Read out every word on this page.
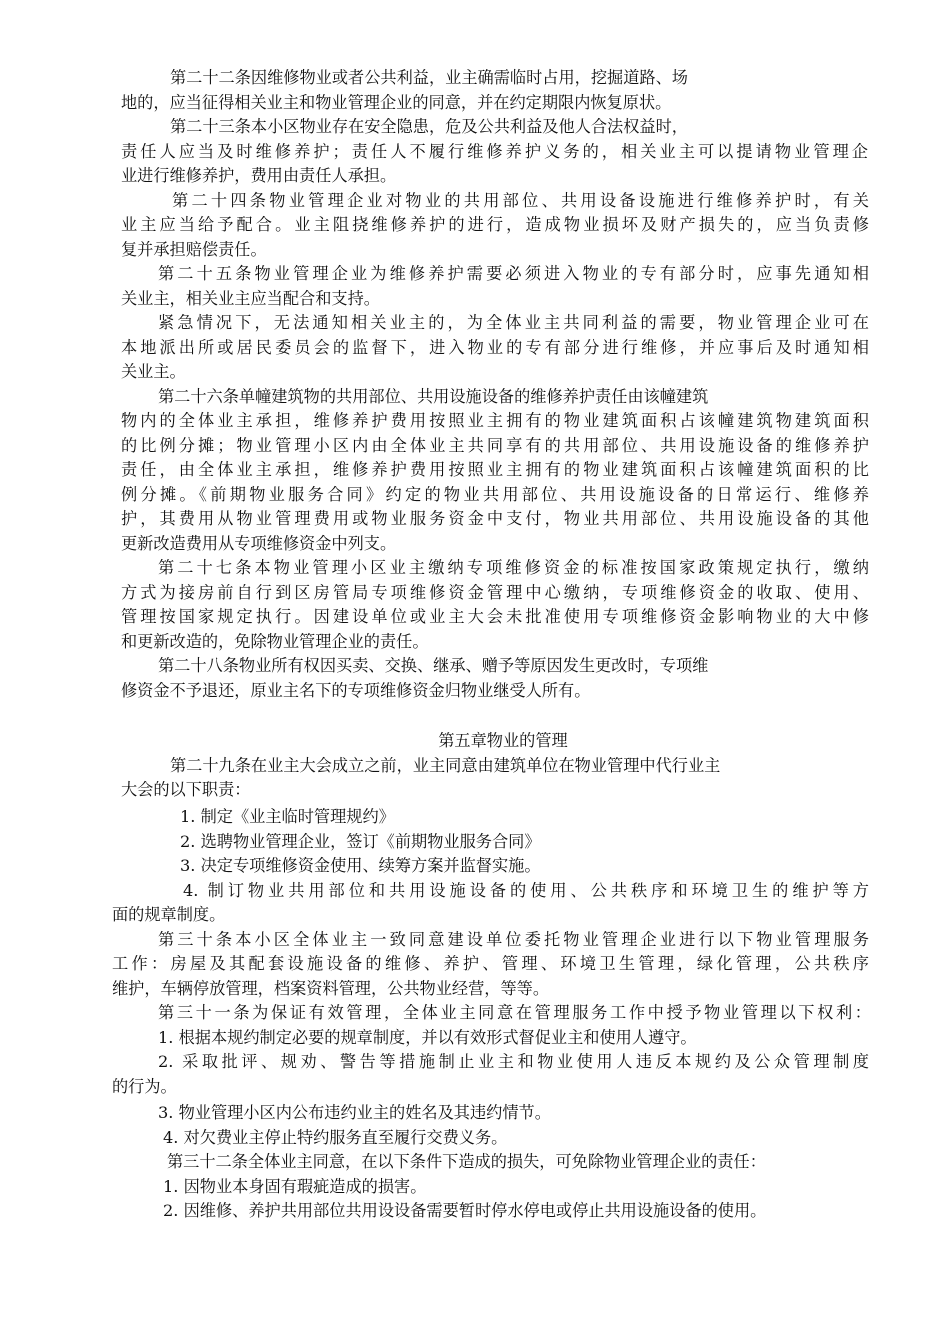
第二十二条因维修物业或者公共利益，业主确需临时占用，挖掘道路、场

地的，应当征得相关业主和物业管理企业的同意，并在约定期限内恢复原状。

第二十三条本小区物业存在安全隐患，危及公共利益及他人合法权益时，

责任人应当及时维修养护；责任人不履行维修养护义务的，相关业主可以提请物业管理企

业进行维修养护，费用由责任人承担。

第二十四条物业管理企业对物业的共用部位、共用设备设施进行维修养护时，有关

业主应当给予配合。业主阻挠维修养护的进行，造成物业损坏及财产损失的，应当负责修

复并承担赔偿责任。

第二十五条物业管理企业为维修养护需要必须进入物业的专有部分时，应事先通知相

关业主，相关业主应当配合和支持。

紧急情况下，无法通知相关业主的，为全体业主共同利益的需要，物业管理企业可在

本地派出所或居民委员会的监督下，进入物业的专有部分进行维修，并应事后及时通知相

关业主。

第二十六条单幢建筑物的共用部位、共用设施设备的维修养护责任由该幢建筑

物内的全体业主承担，维修养护费用按照业主拥有的物业建筑面积占该幢建筑物建筑面积

的比例分摊；物业管理小区内由全体业主共同享有的共用部位、共用设施设备的维修养护

责任，由全体业主承担，维修养护费用按照业主拥有的物业建筑面积占该幢建筑面积的比

例分摊。《前期物业服务合同》约定的物业共用部位、共用设施设备的日常运行、维修养

护，其费用从物业管理费用或物业服务资金中支付，物业共用部位、共用设施设备的其他

更新改造费用从专项维修资金中列支。

第二十七条本物业管理小区业主缴纳专项维修资金的标准按国家政策规定执行，缴纳

方式为接房前自行到区房管局专项维修资金管理中心缴纳，专项维修资金的收取、使用、

管理按国家规定执行。因建设单位或业主大会未批准使用专项维修资金影响物业的大中修

和更新改造的，免除物业管理企业的责任。

第二十八条物业所有权因买卖、交换、继承、赠予等原因发生更改时，专项维

修资金不予退还，原业主名下的专项维修资金归物业继受人所有。

第五章物业的管理

第二十九条在业主大会成立之前，业主同意由建筑单位在物业管理中代行业主

大会的以下职责：

1. 制定《业主临时管理规约》

2. 选聘物业管理企业，签订《前期物业服务合同》

3. 决定专项维修资金使用、续筹方案并监督实施。

4. 制订物业共用部位和共用设施设备的使用、公共秩序和环境卫生的维护等方

面的规章制度。

第三十条本小区全体业主一致同意建设单位委托物业管理企业进行以下物业管理服务

工作：房屋及其配套设施设备的维修、养护、管理、环境卫生管理，绿化管理，公共秩序

维护，车辆停放管理，档案资料管理，公共物业经营，等等。

第三十一条为保证有效管理，全体业主同意在管理服务工作中授予物业管理以下权利：

1. 根据本规约制定必要的规章制度，并以有效形式督促业主和使用人遵守。

2. 采取批评、规劝、警告等措施制止业主和物业使用人违反本规约及公众管理制度

的行为。

3. 物业管理小区内公布违约业主的姓名及其违约情节。

4. 对欠费业主停止特约服务直至履行交费义务。

第三十二条全体业主同意，在以下条件下造成的损失，可免除物业管理企业的责任：

1. 因物业本身固有瑕疵造成的损害。

2. 因维修、养护共用部位共用设设备需要暂时停水停电或停止共用设施设备的使用。
